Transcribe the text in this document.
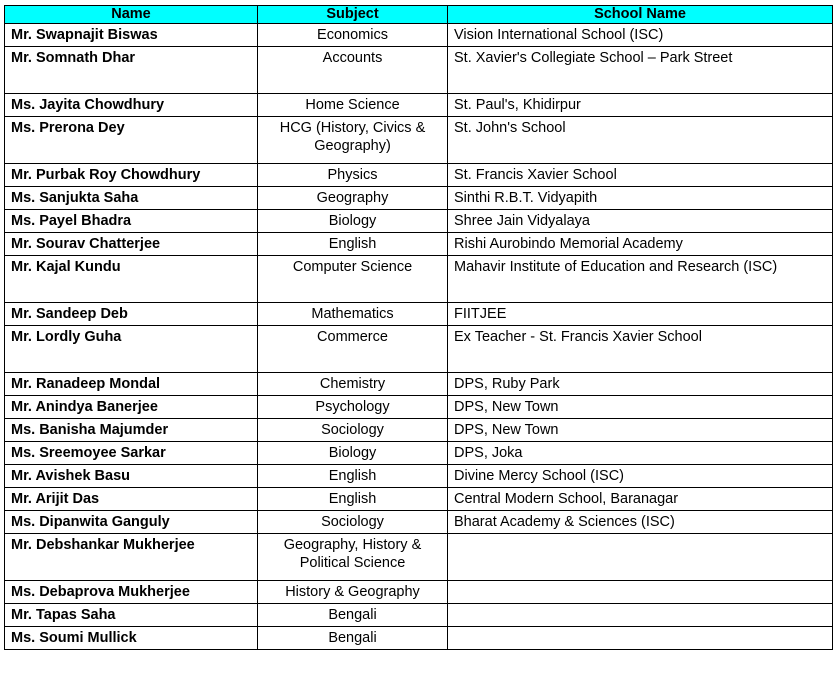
Name	Subject	School Name
Mr. Swapnajit Biswas	Economics	Vision International School (ISC)
Mr. Somnath Dhar	Accounts	St. Xavier's Collegiate School – Park Street
Ms. Jayita Chowdhury	Home Science	St. Paul's, Khidirpur
Ms. Prerona Dey	HCG (History, Civics & Geography)	St. John's School
Mr. Purbak Roy Chowdhury	Physics	St. Francis Xavier School
Ms. Sanjukta Saha	Geography	Sinthi R.B.T. Vidyapith
Ms. Payel Bhadra	Biology	Shree Jain Vidyalaya
Mr. Sourav Chatterjee	English	Rishi Aurobindo Memorial Academy
Mr. Kajal Kundu	Computer Science	Mahavir Institute of Education and Research (ISC)
Mr. Sandeep Deb	Mathematics	FIITJEE
Mr. Lordly Guha	Commerce	Ex Teacher - St. Francis Xavier School
Mr. Ranadeep Mondal	Chemistry	DPS, Ruby Park
Mr. Anindya Banerjee	Psychology	DPS, New Town
Ms. Banisha Majumder	Sociology	DPS, New Town
Ms. Sreemoyee Sarkar	Biology	DPS, Joka
Mr. Avishek Basu	English	Divine Mercy School (ISC)
Mr. Arijit Das	English	Central Modern School, Baranagar
Ms. Dipanwita Ganguly	Sociology	Bharat Academy & Sciences (ISC)
Mr. Debshankar Mukherjee	Geography, History & Political Science	
Ms. Debaprova Mukherjee	History & Geography	
Mr. Tapas Saha	Bengali	
Ms. Soumi Mullick	Bengali	
